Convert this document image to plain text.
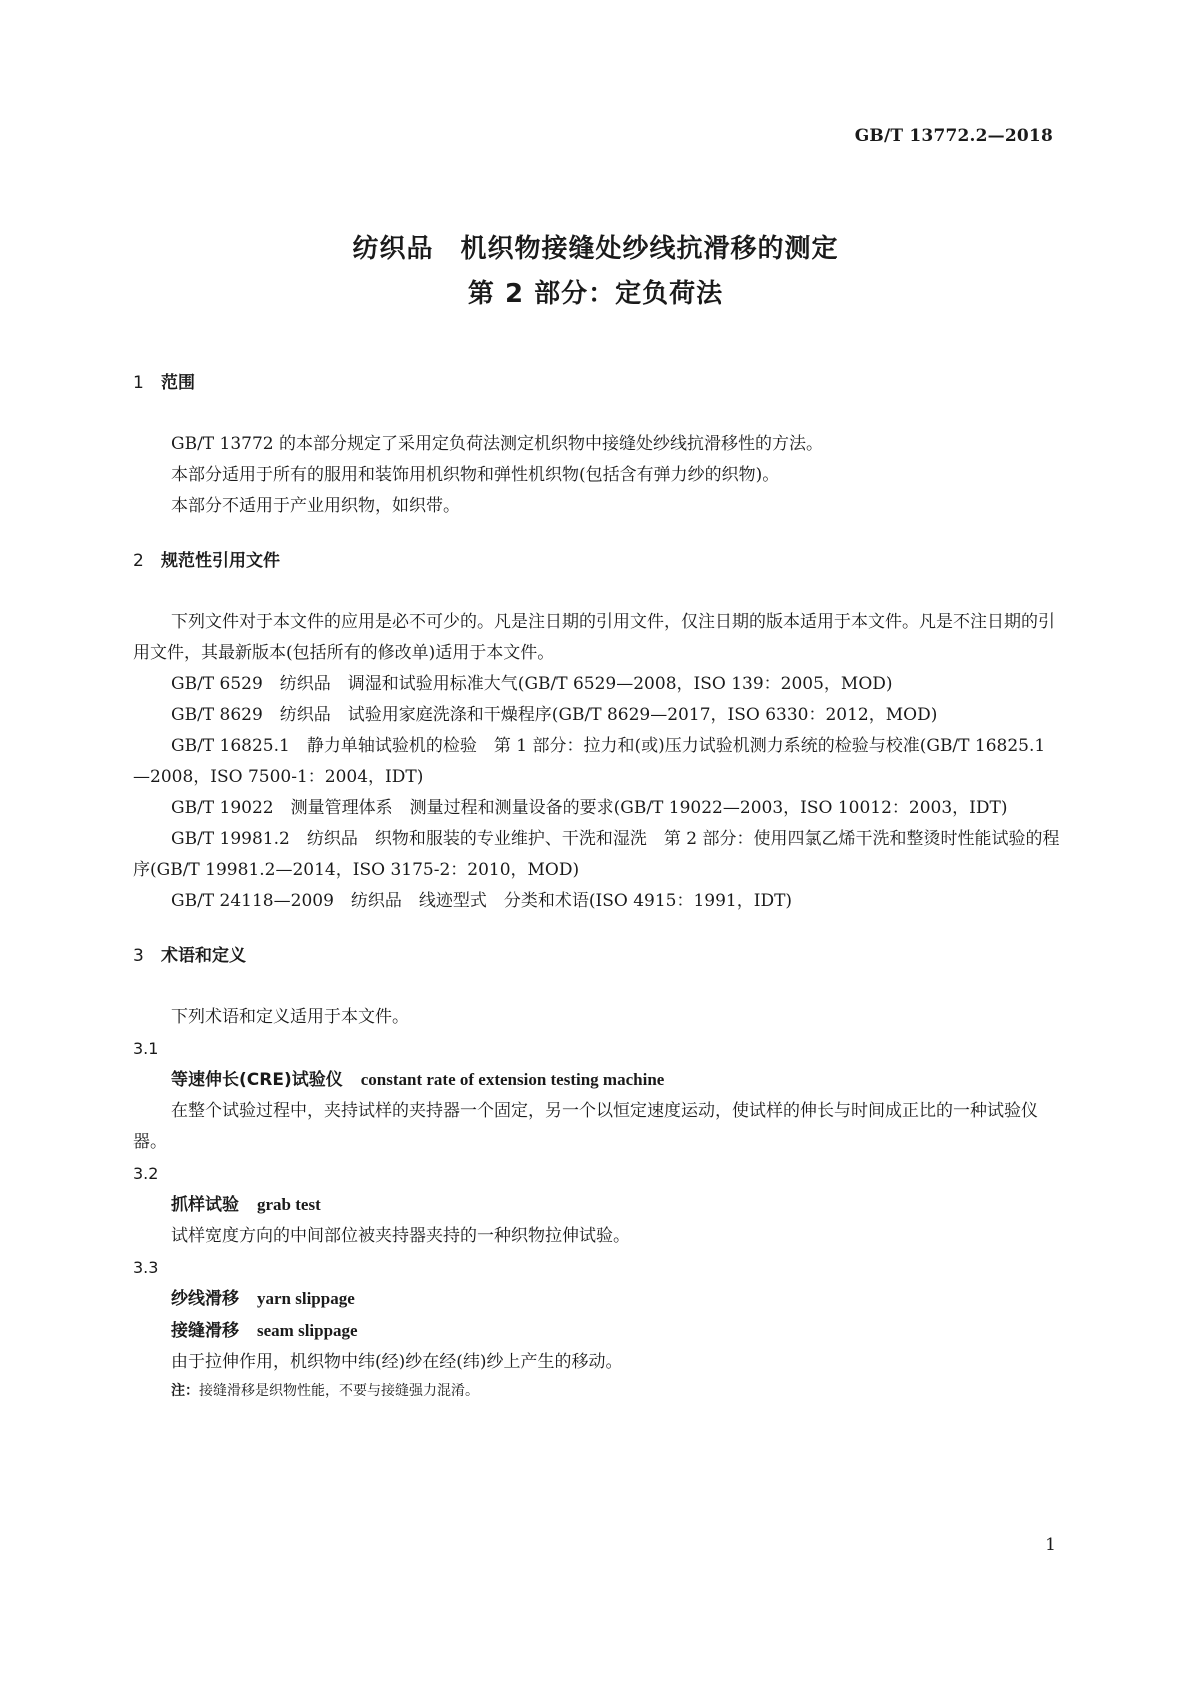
GB/T 13772.2—2018
纺织品　机织物接缝处纱线抗滑移的测定
第 2 部分：定负荷法
1 范围

GB/T 13772 的本部分规定了采用定负荷法测定机织物中接缝处纱线抗滑移性的方法。

本部分适用于所有的服用和装饰用机织物和弹性机织物(包括含有弹力纱的织物)。

本部分不适用于产业用织物，如织带。

2 规范性引用文件

下列文件对于本文件的应用是必不可少的。凡是注日期的引用文件，仅注日期的版本适用于本文件。凡是不注日期的引用文件，其最新版本(包括所有的修改单)适用于本文件。

GB/T 6529　纺织品　调湿和试验用标准大气(GB/T 6529—2008，ISO 139：2005，MOD)

GB/T 8629　纺织品　试验用家庭洗涤和干燥程序(GB/T 8629—2017，ISO 6330：2012，MOD)

GB/T 16825.1　静力单轴试验机的检验　第 1 部分：拉力和(或)压力试验机测力系统的检验与校准(GB/T 16825.1—2008，ISO 7500-1：2004，IDT)

GB/T 19022　测量管理体系　测量过程和测量设备的要求(GB/T 19022—2003，ISO 10012：2003，IDT)

GB/T 19981.2　纺织品　织物和服装的专业维护、干洗和湿洗　第 2 部分：使用四氯乙烯干洗和整烫时性能试验的程序(GB/T 19981.2—2014，ISO 3175-2：2010，MOD)

GB/T 24118—2009　纺织品　线迹型式　分类和术语(ISO 4915：1991，IDT)

3 术语和定义

下列术语和定义适用于本文件。

3.1
等速伸长(CRE)试验仪 constant rate of extension testing machine

在整个试验过程中，夹持试样的夹持器一个固定，另一个以恒定速度运动，使试样的伸长与时间成正比的一种试验仪器。

3.2
抓样试验 grab test

试样宽度方向的中间部位被夹持器夹持的一种织物拉伸试验。

3.3
纱线滑移 yarn slippage
接缝滑移 seam slippage

由于拉伸作用，机织物中纬(经)纱在经(纬)纱上产生的移动。

注：接缝滑移是织物性能，不要与接缝强力混淆。
1
